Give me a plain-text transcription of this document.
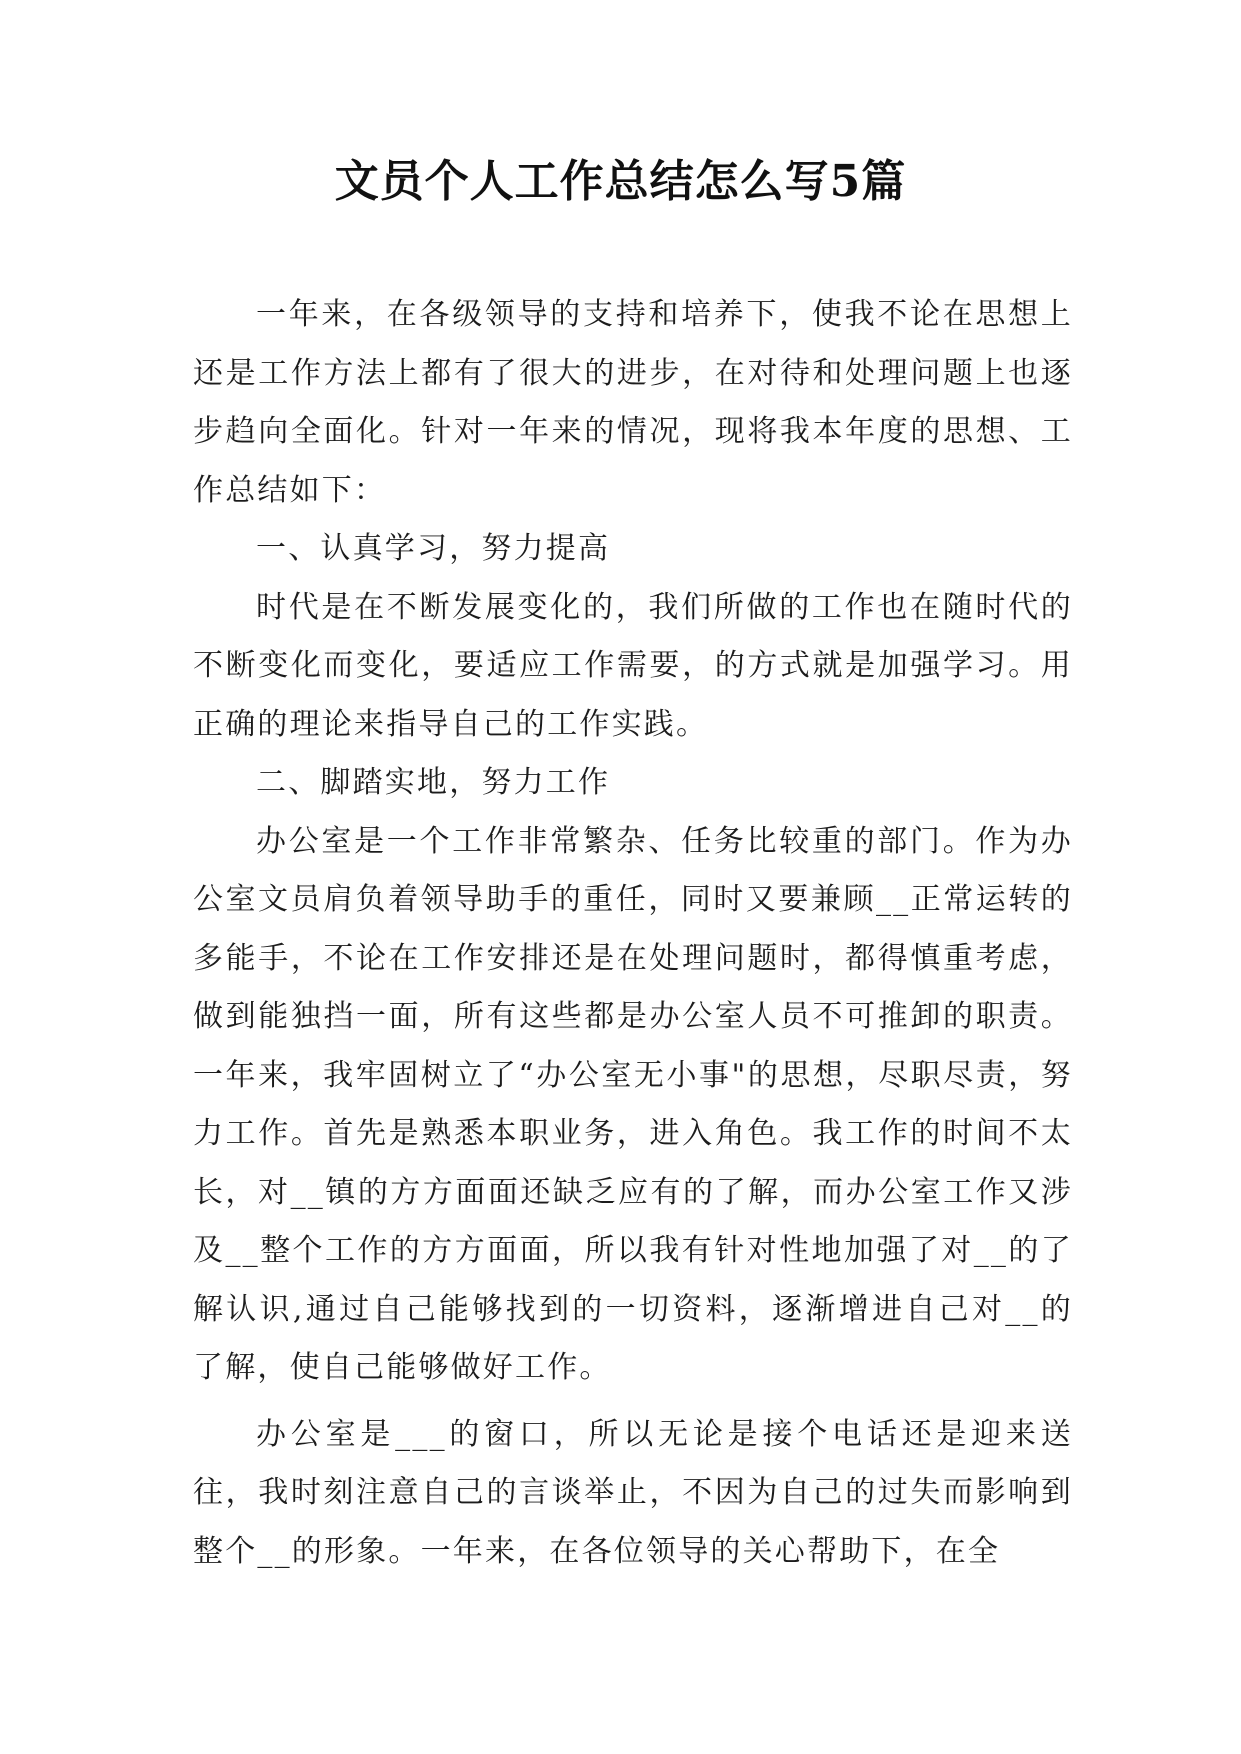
文员个人工作总结怎么写5篇

一年来，在各级领导的支持和培养下，使我不论在思想上还是工作方法上都有了很大的进步，在对待和处理问题上也逐步趋向全面化。针对一年来的情况，现将我本年度的思想、工作总结如下：

一、认真学习，努力提高

时代是在不断发展变化的，我们所做的工作也在随时代的不断变化而变化，要适应工作需要，的方式就是加强学习。用正确的理论来指导自己的工作实践。

二、脚踏实地，努力工作

办公室是一个工作非常繁杂、任务比较重的部门。作为办公室文员肩负着领导助手的重任，同时又要兼顾__正常运转的多能手，不论在工作安排还是在处理问题时，都得慎重考虑，做到能独挡一面，所有这些都是办公室人员不可推卸的职责。一年来，我牢固树立了“办公室无小事"的思想，尽职尽责，努力工作。首先是熟悉本职业务，进入角色。我工作的时间不太长，对__镇的方方面面还缺乏应有的了解，而办公室工作又涉及__整个工作的方方面面，所以我有针对性地加强了对__的了解认识,通过自己能够找到的一切资料，逐渐增进自己对__的了解，使自己能够做好工作。

办公室是___的窗口，所以无论是接个电话还是迎来送往，我时刻注意自己的言谈举止，不因为自己的过失而影响到整个__的形象。一年来，在各位领导的关心帮助下，在全
